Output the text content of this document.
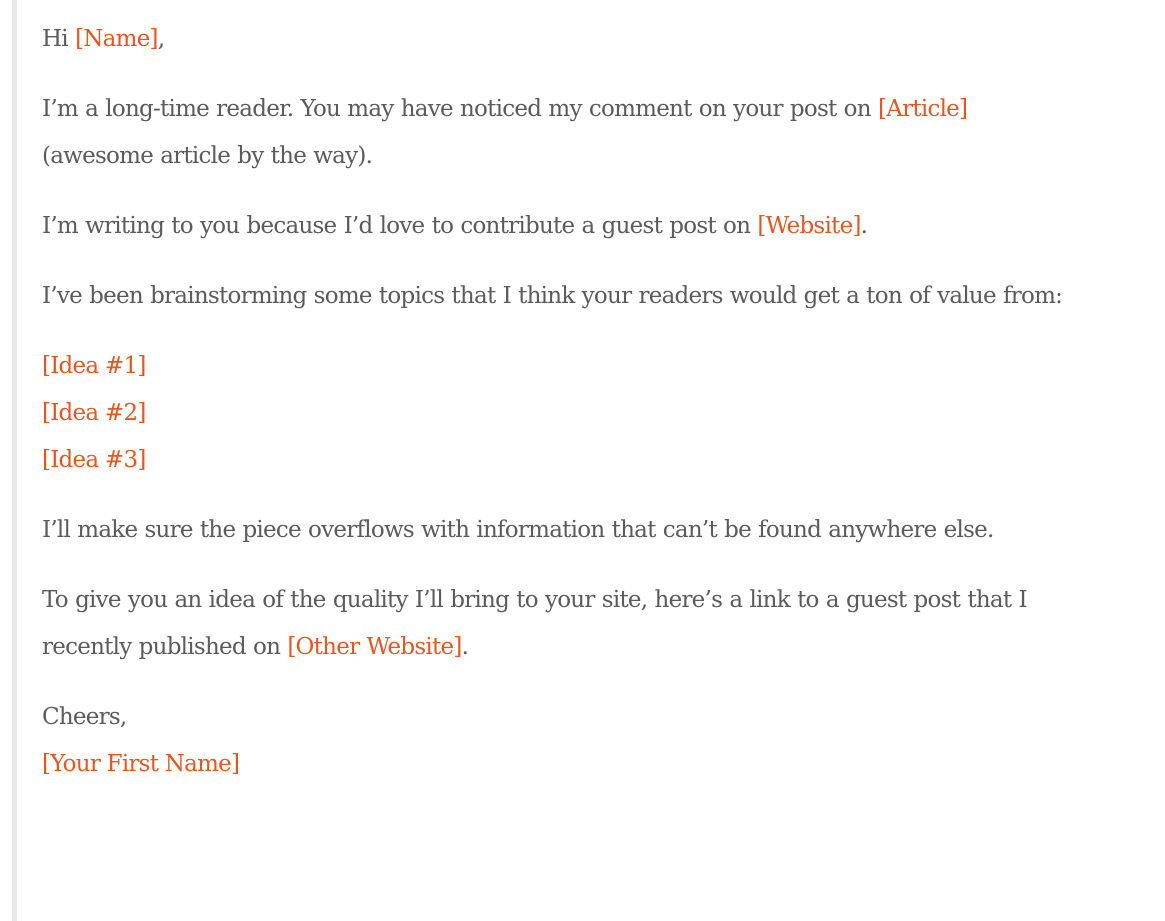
Hi [Name],

I’m a long-time reader. You may have noticed my comment on your post on [Article]
(awesome article by the way).

I’m writing to you because I’d love to contribute a guest post on [Website].

I’ve been brainstorming some topics that I think your readers would get a ton of value from:

[Idea #1]
[Idea #2]
[Idea #3]

I’ll make sure the piece overflows with information that can’t be found anywhere else.

To give you an idea of the quality I’ll bring to your site, here’s a link to a guest post that I recently published on [Other Website].

Cheers,
[Your First Name]
